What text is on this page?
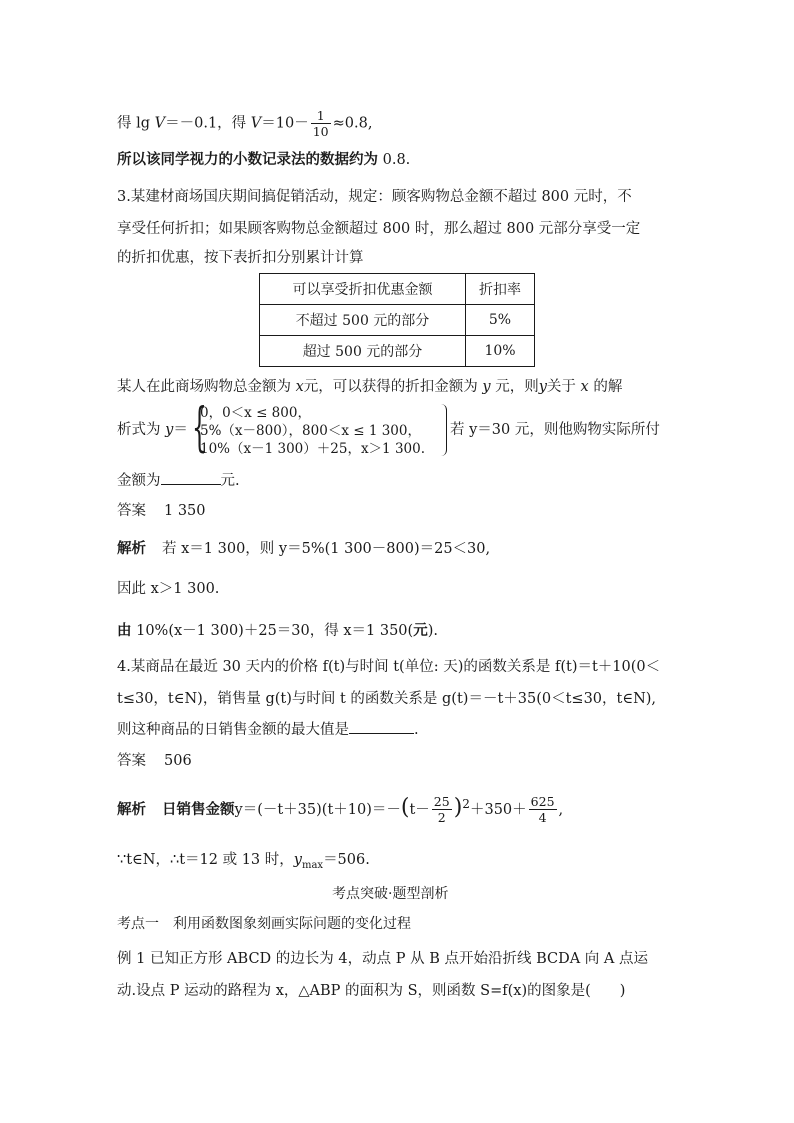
得 lg V＝－0.1，得 $V=10- \frac{1}{10} \approx 0.8$,
所以该同学视力的小数记录法的数据约为 0.8.
3.某建材商场国庆期间搞促销活动，规定：顾客购物总金额不超过 800 元时，不
享受任何折扣；如果顾客购物总金额超过 800 时，那么超过 800 元部分享受一定
的折扣优惠，按下表折扣分别累计计算
可以享受折扣优惠金额	折扣率
不超过 500 元的部分	5%
超过 500 元的部分	10%
某人在此商场购物总金额为 x元，可以获得的折扣金额为 y 元，则y关于 x 的解
析式为 y＝ {
0，0＜x ≤ 800，
5%（x－800），800＜x ≤ 1 300，
10%（x－1 300）＋25，x＞1 300.
若 y＝30 元，则他购物实际所付
金额为	元.
答案 1 350
解析 若 x＝1 300，则 y＝5%(1 300－800)＝25＜30,
因此 x＞1 300.
由 10%(x－1 300)＋25＝30，得 x＝1 350(元).
4.某商品在最近 30 天内的价格 f(t)与时间 t(单位: 天)的函数关系是 f(t)＝t＋10(0＜
t≤30，t∈N)，销售量 g(t)与时间 t 的函数关系是 g(t)＝－t＋35(0＜t≤30，t∈N),
则这种商品的日销售金额的最大值是	.
答案 506
解析 日销售金额$y=(-t+35)(t+10)=-(t- \frac{25}{2} )^2+350+ \frac{625}{4}$ ,
∵t∈N，∴t＝12 或 13 时，$y_{max}=506$.
考点突破·题型剖析
考点一　利用函数图象刻画实际问题的变化过程
例 1 已知正方形 ABCD 的边长为 4，动点 P 从 B 点开始沿折线 BCDA 向 A 点运
动.设点 P 运动的路程为 x，△ABP 的面积为 S，则函数 S=f(x)的图象是(　　)
